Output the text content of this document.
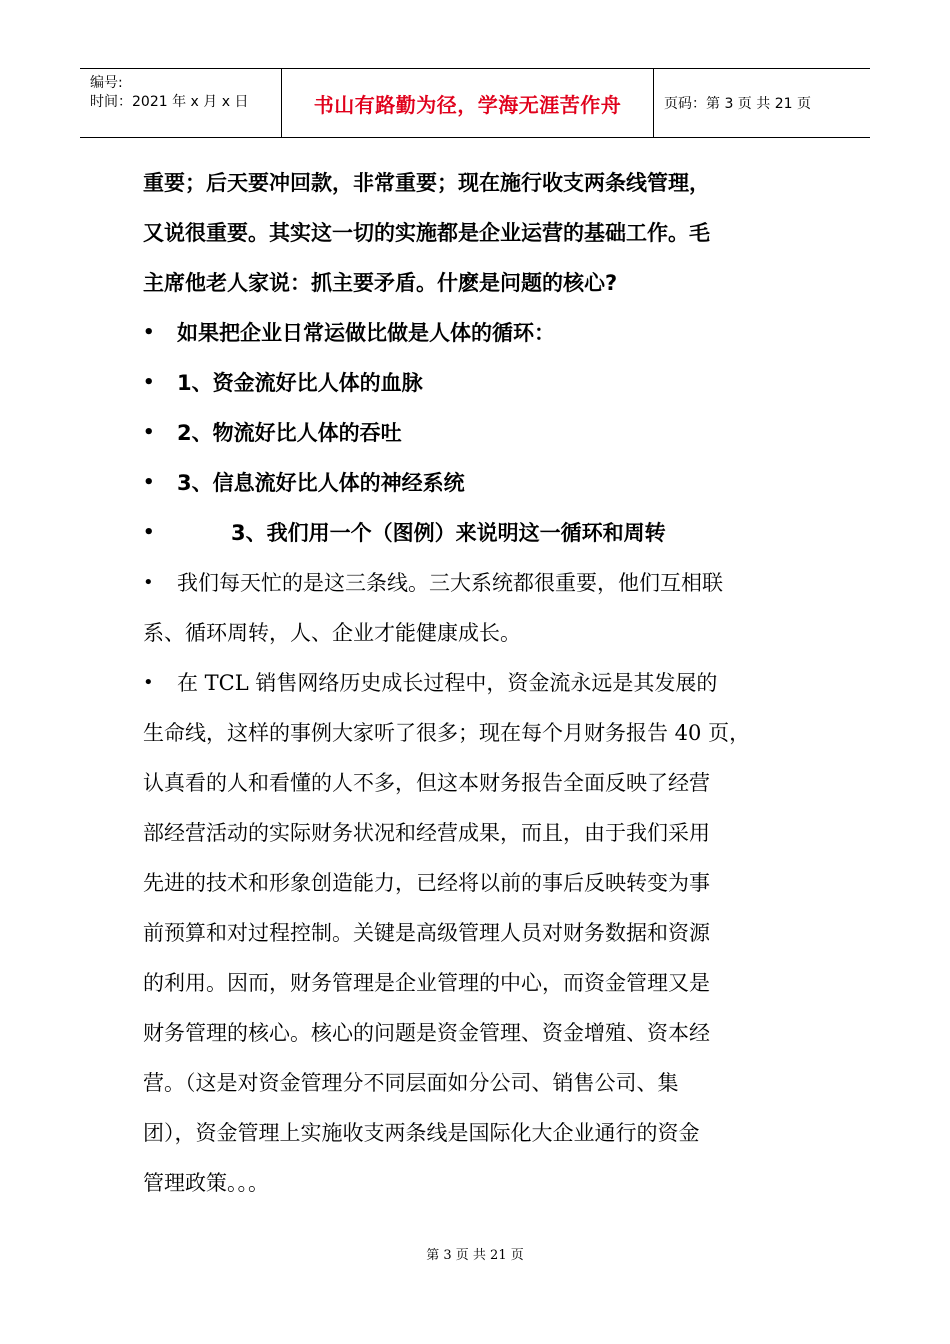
编号:
时间：2021 年 x 月 x 日	书山有路勤为径，学海无涯苦作舟	页码：第 3 页 共 21 页
重要；后天要冲回款，非常重要；现在施行收支两条线管理，
又说很重要。其实这一切的实施都是企业运营的基础工作。毛
主席他老人家说：抓主要矛盾。什麽是问题的核心?
• 如果把企业日常运做比做是人体的循环：
• 1、资金流好比人体的血脉
• 2、物流好比人体的吞吐
• 3、信息流好比人体的神经系统
•	3、我们用一个（图例）来说明这一循环和周转
• 我们每天忙的是这三条线。三大系统都很重要，他们互相联
系、循环周转，人、企业才能健康成长。
• 在 TCL 销售网络历史成长过程中，资金流永远是其发展的
生命线，这样的事例大家听了很多；现在每个月财务报告 40 页，
认真看的人和看懂的人不多，但这本财务报告全面反映了经营
部经营活动的实际财务状况和经营成果，而且，由于我们采用
先进的技术和形象创造能力，已经将以前的事后反映转变为事
前预算和对过程控制。关键是高级管理人员对财务数据和资源
的利用。因而，财务管理是企业管理的中心，而资金管理又是
财务管理的核心。核心的问题是资金管理、资金增殖、资本经
营。（这是对资金管理分不同层面如分公司、销售公司、集
团），资金管理上实施收支两条线是国际化大企业通行的资金
管理政策。。。
第 3 页 共 21 页
